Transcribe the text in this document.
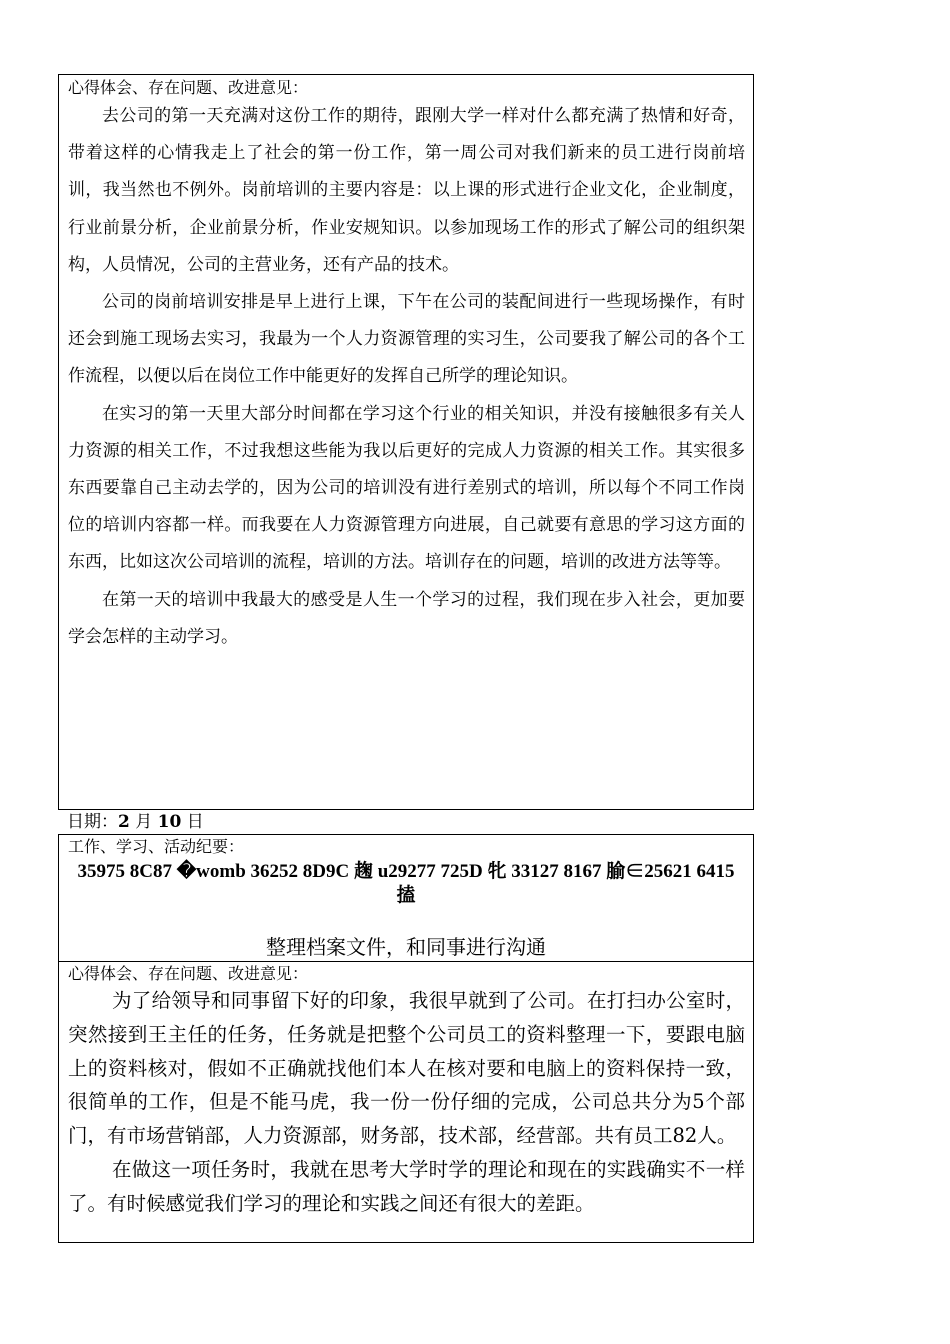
心得体会、存在问题、改进意见：

去公司的第一天充满对这份工作的期待，跟刚大学一样对什么都充满了热情和好奇，带着这样的心情我走上了社会的第一份工作，第一周公司对我们新来的员工进行岗前培训，我当然也不例外。岗前培训的主要内容是：以上课的形式进行企业文化，企业制度，行业前景分析，企业前景分析，作业安规知识。以参加现场工作的形式了解公司的组织架构，人员情况，公司的主营业务，还有产品的技术。

公司的岗前培训安排是早上进行上课，下午在公司的装配间进行一些现场操作，有时还会到施工现场去实习，我最为一个人力资源管理的实习生，公司要我了解公司的各个工作流程，以便以后在岗位工作中能更好的发挥自己所学的理论知识。

在实习的第一天里大部分时间都在学习这个行业的相关知识，并没有接触很多有关人力资源的相关工作，不过我想这些能为我以后更好的完成人力资源的相关工作。其实很多东西要靠自己主动去学的，因为公司的培训没有进行差别式的培训，所以每个不同工作岗位的培训内容都一样。而我要在人力资源管理方向进展，自己就要有意思的学习这方面的东西，比如这次公司培训的流程，培训的方法。培训存在的问题，培训的改进方法等等。

在第一天的培训中我最大的感受是人生一个学习的过程，我们现在步入社会，更加要学会怎样的主动学习。

日期：2 月 10 日
工作、学习、活动纪要：
35975 8C87 �womb 36252 8D9C 趜 u29277 725D 牝 33127 8167 腧∈25621 6415 搕
整理档案文件，和同事进行沟通
心得体会、存在问题、改进意见：

为了给领导和同事留下好的印象，我很早就到了公司。在打扫办公室时，突然接到王主任的任务，任务就是把整个公司员工的资料整理一下，要跟电脑上的资料核对，假如不正确就找他们本人在核对要和电脑上的资料保持一致，很简单的工作，但是不能马虎，我一份一份仔细的完成，公司总共分为5个部门，有市场营销部，人力资源部，财务部，技术部，经营部。共有员工82人。

在做这一项任务时，我就在思考大学时学的理论和现在的实践确实不一样了。有时候感觉我们学习的理论和实践之间还有很大的差距。
